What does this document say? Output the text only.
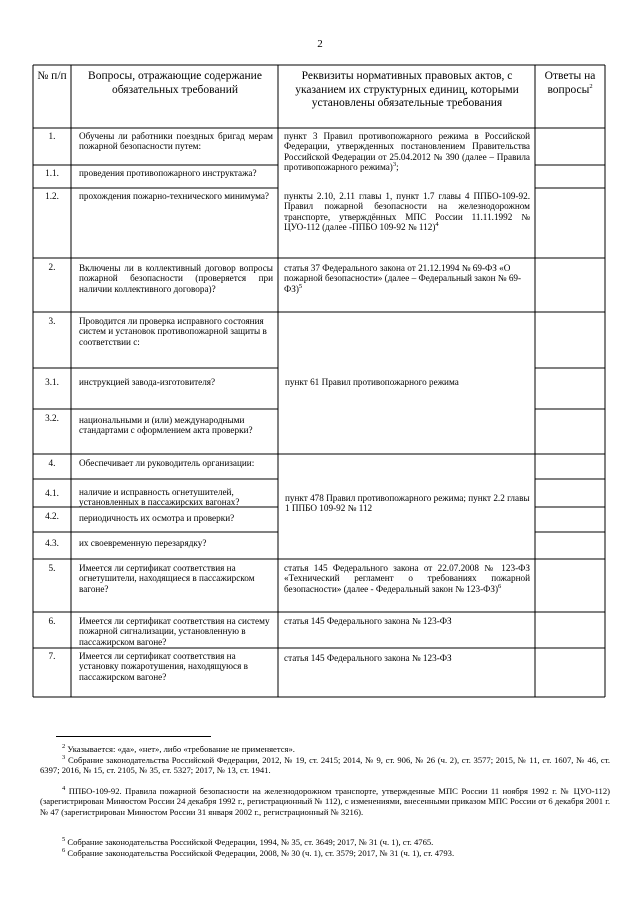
2
№ п/п	Вопросы, отражающие содержание обязательных требований
Реквизиты нормативных правовых актов, с указанием их структурных единиц, которыми установлены обязательные требования
Ответы на вопросы$^2$
1.
1.1.
1.2.
2.
3.
3.1.
3.2.
4.
4.1.
4.2.
4.3.
5.
6.
7.
Обучены ли работники поездных бригад мерам пожарной безопасности путем:
проведения противопожарного инструктажа?
прохождения пожарно-технического минимума?
Включены ли в коллективный договор вопросы пожарной безопасности (проверяется при наличии коллективного договора)?
Проводится ли проверка исправного состояния систем и установок противопожарной защиты в соответствии с:
инструкцией завода-изготовителя?
национальными и (или) международными стандартами с оформлением акта проверки?
Обеспечивает ли руководитель организации:
наличие и исправность огнетушителей, установленных в пассажирских вагонах?
периодичность их осмотра и проверки?
их своевременную перезарядку?
Имеется ли сертификат соответствия на огнетушители, находящиеся в пассажирском вагоне?
Имеется ли сертификат соответствия на систему пожарной сигнализации, установленную в пассажирском вагоне?
Имеется ли сертификат соответствия на установку пожаротушения, находящуюся в пассажирском вагоне?
пункт 3 Правил противопожарного режима в Российской Федерации, утвержденных постановлением Правительства Российской Федерации от 25.04.2012 № 390 (далее – Правила противопожарного режима)$^3$;
пункты 2.10, 2.11 главы 1, пункт 1.7 главы 4 ППБО-109-92. Правил пожарной безопасности на железнодорожном транспорте, утверждённых МПС России 11.11.1992 № ЦУО-112 (далее -ППБО 109-92 № 112)$^4$
статья 37 Федерального закона от 21.12.1994 № 69-ФЗ «О пожарной безопасности» (далее – Федеральный закон № 69-ФЗ)$^5$
пункт 61 Правил противопожарного режима
пункт 478 Правил противопожарного режима; пункт 2.2 главы 1 ППБО 109-92 № 112
статья 145 Федерального закона от 22.07.2008 № 123-ФЗ «Технический регламент о требованиях пожарной безопасности» (далее - Федеральный закон № 123-ФЗ)$^6$
статья 145 Федерального закона № 123-ФЗ
статья 145 Федерального закона № 123-ФЗ
$^2$ Указывается: «да», «нет», либо «требование не применяется».
$^3$ Собрание законодательства Российской Федерации, 2012, № 19, ст. 2415; 2014, № 9, ст. 906, № 26 (ч. 2), ст. 3577; 2015, № 11, ст. 1607, № 46, ст. 6397; 2016, № 15, ст. 2105, № 35, ст. 5327; 2017, № 13, ст. 1941.
$^4$ ППБО-109-92. Правила пожарной безопасности на железнодорожном транспорте, утвержденные МПС России 11 ноября 1992 г. № ЦУО-112) (зарегистрирован Минюстом России 24 декабря 1992 г., регистрационный № 112), с изменениями, внесенными приказом МПС России от 6 декабря 2001 г. № 47 (зарегистрирован Минюстом России 31 января 2002 г., регистрационный № 3216).
$^5$ Собрание законодательства Российской Федерации, 1994, № 35, ст. 3649; 2017, № 31 (ч. 1), ст. 4765.
$^6$ Собрание законодательства Российской Федерации, 2008, № 30 (ч. 1), ст. 3579; 2017, № 31 (ч. 1), ст. 4793.
